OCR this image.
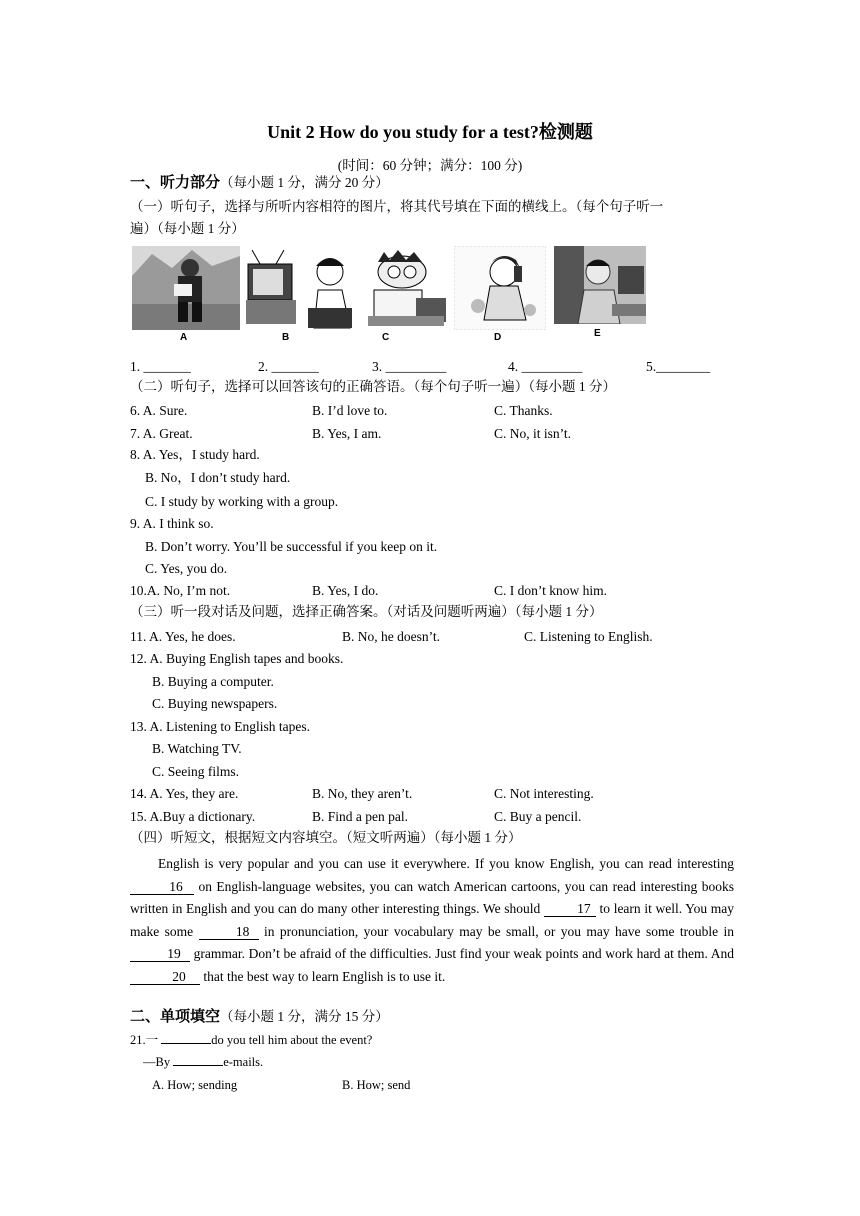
Unit 2 How do you study for a test?检测题
(时间：60 分钟；满分：100 分)
一、听力部分（每小题 1 分，满分 20 分）
（一）听句子，选择与所听内容相符的图片，将其代号填在下面的横线上。（每个句子听一
遍）（每小题 1 分）
A	B	C	D	E
1. _______	2. _______	3. _________	4. _________	5.________
（二）听句子，选择可以回答该句的正确答语。（每个句子听一遍）（每小题 1 分）
6. A. Sure.	B. I’d love to.	C. Thanks.
7. A. Great.	B. Yes, I am.	C. No, it isn’t.
8. A. Yes，I study hard.
B. No，I don’t study hard.
C. I study by working with a group.
9. A. I think so.
B. Don’t worry. You’ll be successful if you keep on it.
C. Yes, you do.
10.A. No, I’m not.	B. Yes, I do.	C. I don’t know him.
（三）听一段对话及问题，选择正确答案。（对话及问题听两遍）（每小题 1 分）
11. A. Yes, he does.	B. No, he doesn’t.	C. Listening to English.
12. A. Buying English tapes and books.
B. Buying a computer.
C. Buying newspapers.
13. A. Listening to English tapes.
B. Watching TV.
C. Seeing films.
14. A. Yes, they are.	B. No, they aren’t.	C. Not interesting.
15. A.Buy a dictionary.	B. Find a pen pal.	C. Buy a pencil.
（四）听短文，根据短文内容填空。（短文听两遍）（每小题 1 分）
English is very popular and you can use it everywhere. If you know English, you can read interesting 16 on English-language websites, you can watch American cartoons, you can read interesting books written in English and you can do many other interesting things. We should	17 to learn it well. You may make some	18 in pronunciation, your vocabulary may be small, or you may have some trouble in 19 grammar. Don’t be afraid of the difficulties. Just find your weak points and work hard at them. And 20 that the best way to learn English is to use it.
二、单项填空（每小题 1 分，满分 15 分）
21.一	do you tell him about the event?
—By	e-mails.
A. How; sending	B. How; send
